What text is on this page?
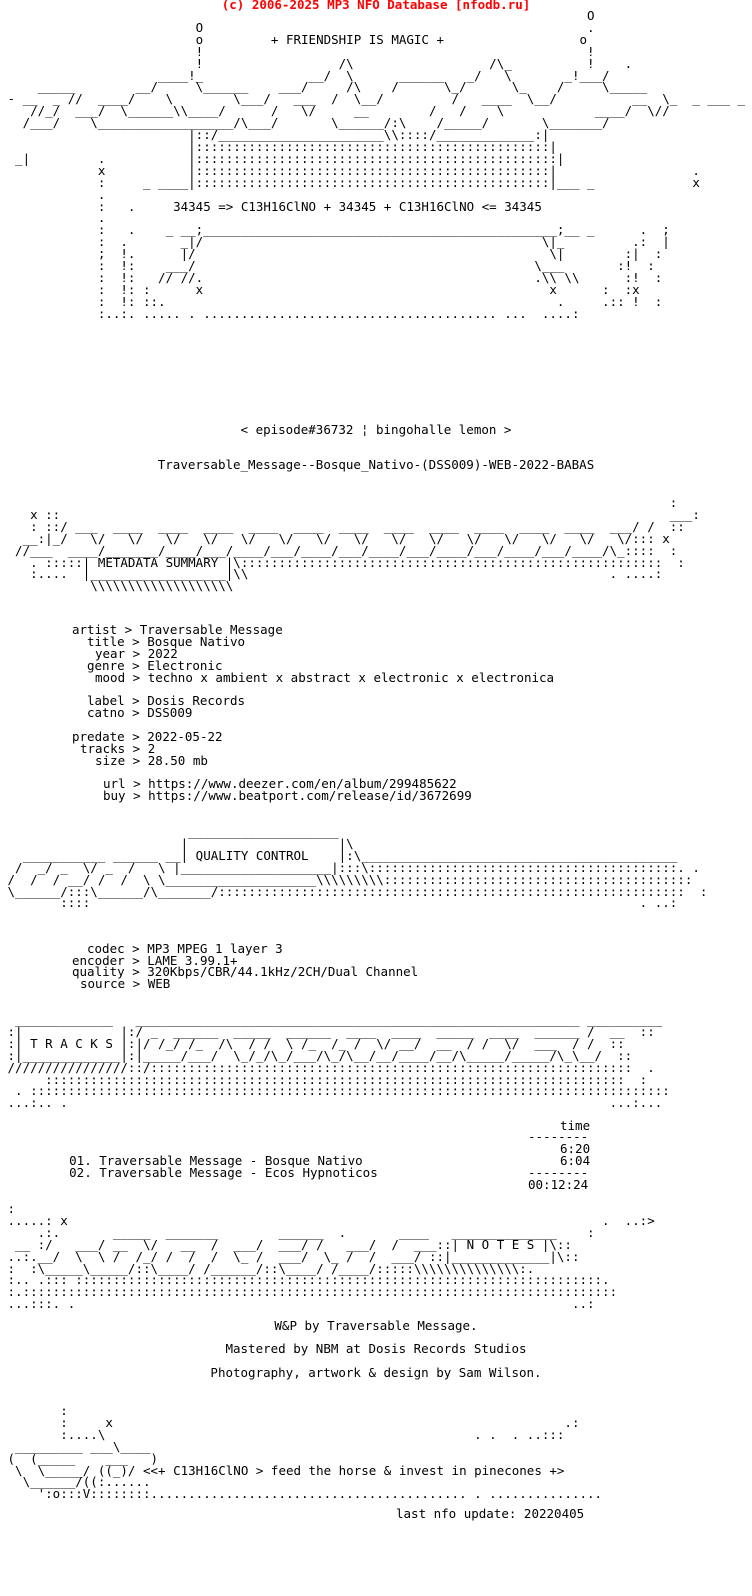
(c) 2006-2025 MP3 NFO Database [nfodb.ru]
O
O                                                   .
o         + FRIENDSHIP IS MAGIC +                  o
!                                                   !
!                  /\                  /\_          !    .
____!_              __/  \      ______   _/   \       _!___/
_____        __/     \______    ___/     /\    /      \_/      \_    /     \_____
- __  _ //  ____/    \        \___/   ___  /  \__/         /   ____  \__/          __  \_  _ ___ _
//_/  ___/  \______\\____/      /   \/     __        /   /    \            ____/  \//
/___/    \__________________/\___/       \______/:\    /_____/       \_______/
|::/______________________\\::::/_____________:|
|:::::::::::::::::::::::::::::::::::::::::::::::|
_|         .           |::::::::::::::::::::::::::::::::::::::::::::::::|
x           |:::::::::::::::::::::::::::::::::::::::::::::::|                  .
:     _ ____|:::::::::::::::::::::::::::::::::::::::::::::::|___ _             x
.
:   .     34345 => C13H16ClNO + 34345 + C13H16ClNO <= 34345
.
:   .    _ __;_______________________________________________;__ _      .  ;
:  .       _|/                                             \|_         .:  |
;  !.      |/                                               \|        :|  :
:  !:    ___/                                             \___       :!  :
:  !:   // //.                                            .\\ \\      :!  :
:  !: :      x                                              x      :  :x
:  !: ::.                                                    .     .:: !  :
:..:. ..... . ....................................... ...  ....:
< episode#36732 ¦ bingohalle lemon >
Traversable_Message--Bosque_Nativo-(DSS009)-WEB-2022-BABAS
:
x ::                                                                                 ___:
: ::/ ___  ____  ____  ____  ____  ____  ____  ____  ____  ____  ____  ____  ___/ /  ::
__:|_/   \/   \/   \/   \/   \/   \/   \/   \/   \/   \/   \/   \/   \/   \/   \/::: x
//___  ____/_______/____/___/____/___/____/___/____/___/____/___/____/___/____/\_::::  :
. :::::| METADATA SUMMARY |\::::::::::::::::::::::::::::::::::::::::::::::::::::::::  :
:....  |__________________|\\                                                . ....:
\\\\\\\\\\\\\\\\\\\
artist > Traversable Message
title > Bosque Nativo
year > 2022
genre > Electronic
mood > techno x ambient x abstract x electronic x electronica
label > Dosis Records
catno > DSS009
predate > 2022-05-22
tracks > 2
size > 28.50 mb
url > https://www.deezer.com/en/album/299485622
buy > https://www.beatport.com/release/id/3672699
____________________
|                    |\
___________ ______ __| QUALITY CONTROL    |:\__________________________________________
/  _/ _  \/ _  /   \ |____________________|:::\:::::::::::::::::::::::::::::::::::::::::. .
/  /  / __/ /  /  \ \____________________\\\\\\\\\:::::::::::::::::::::::::::::::::::::::::
\______/:::\______/\_______/::::::::::::::::::::::::::::::::::::::::::::::::::::::::::::::  :
::::                                                                         . ..:
codec > MP3 MPEG 1 layer 3
encoder > LAME 3.99.1+
quality > 320Kbps/CBR/44.1kHz/2CH/Dual Channel
source > WEB
_____________   ___________________________________________________________ __________
:|             |:/ _  ______  _____  ______  ____  ____  _____  ____  ______ /  __  ::
:| T R A C K S |:|/ /_/ /_  /\  / /  \ /_  /_ /  \/ __/  __  / /  \/  ___  / /  ::
:|_____________|:|_____/___/  \_/_/\_/___/\_/\__/__/____/__/\_____/_____/\_\__/  ::
////////////////::/::::::::::::::::::::::::::::::::::::::::::::::::::::::::::::::::  .
:::::::::::::::::::::::::::::::::::::::::::::::::::::::::::::::::::::::::::::  :
. :::::::::::::::::::::::::::::::::::::::::::::::::::::::::::::::::::::::::::::::::::::
...:.. .                                                                        ...:...
time
--------

01. Traversable Message - Bosque Nativo

6:20

02. Traversable Message - Ecos Hypnoticos

6:04
--------
00:12:24
:
.....: x                                                                       .  ..:>
.:.       _____  _______        ______  .       ____   ______________    :
__ :/   ___/ __  \/   __  /  ___/  ___/ /   ___/  /  ___::| N O T E S |\::
..:.__/  \  \ /  /_/ /  /  /  \_ /  ___/  \_ /  /  ___/ ::|_____________|\::
:  :\_____\_____/::\____/ /______/::\____/ /____/:::::\\\\\\\\\\\\\\:.
:.. .::: ::::::::::::::::::::::::::::::::::::::::::::::::::::::::::::::::::::::.
:.:::::::::::::::::::::::::::::::::::::::::::::::::::::::::::::::::::::::::::::::
...:::. .                                                                  ..:
W&P by Traversable Message.
Mastered by NBM at Dosis Records Studios
Photography, artwork & design by Sam Wilson.
:
:     x                                                            .:
:....\                                                 . .  . ..:::
_________ ___\____
(  (_____    ___   )
\  \_____/ ((_)/ <<+ C13H16ClNO > feed the horse & invest in pinecones +>
\______/((:......
':o:::V::::::::.......................................... . ...............
last nfo update: 20220405
